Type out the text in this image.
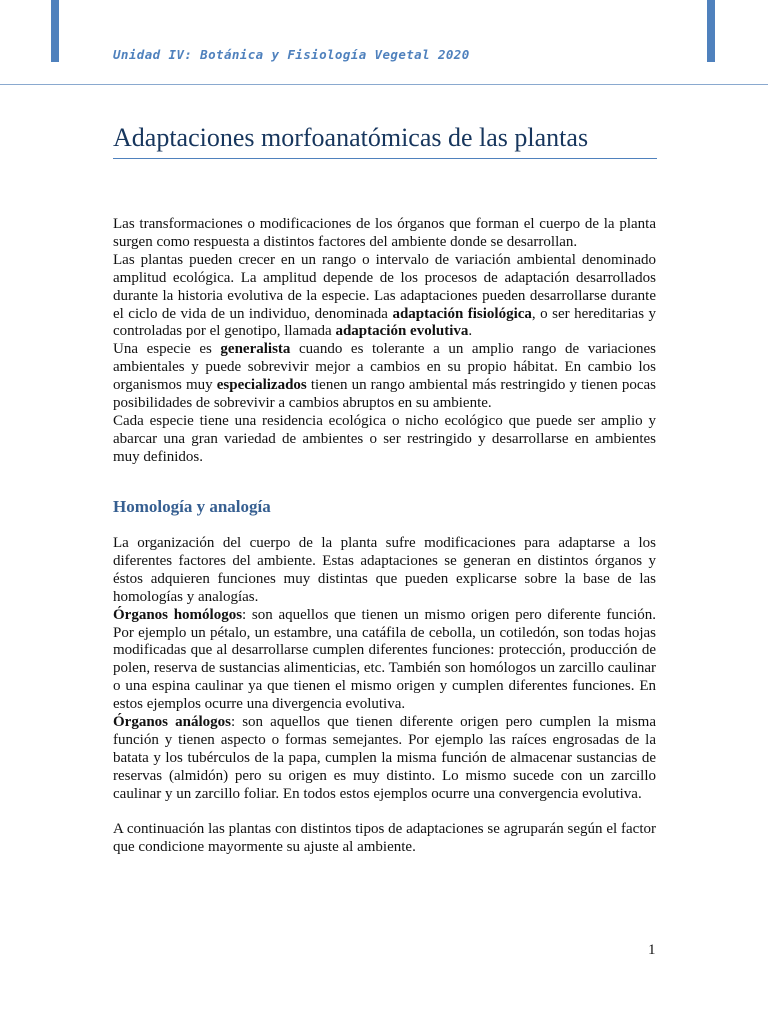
Unidad IV: Botánica y Fisiología Vegetal 2020
Adaptaciones morfoanatómicas de las plantas

Las transformaciones o modificaciones de los órganos que forman el cuerpo de la planta surgen como respuesta a distintos factores del ambiente donde se desarrollan.

Las plantas pueden crecer en un rango o intervalo de variación ambiental denominado amplitud ecológica. La amplitud depende de los procesos de adaptación desarrollados durante la historia evolutiva de la especie. Las adaptaciones pueden desarrollarse durante el ciclo de vida de un individuo, denominada adaptación fisiológica, o ser hereditarias y controladas por el genotipo, llamada adaptación evolutiva.

Una especie es generalista cuando es tolerante a un amplio rango de variaciones ambientales y puede sobrevivir mejor a cambios en su propio hábitat. En cambio los organismos muy especializados tienen un rango ambiental más restringido y tienen pocas posibilidades de sobrevivir a cambios abruptos en su ambiente.

Cada especie tiene una residencia ecológica o nicho ecológico que puede ser amplio y abarcar una gran variedad de ambientes o ser restringido y desarrollarse en ambientes muy definidos.

Homología y analogía

La organización del cuerpo de la planta sufre modificaciones para adaptarse a los diferentes factores del ambiente. Estas adaptaciones se generan en distintos órganos y éstos adquieren funciones muy distintas que pueden explicarse sobre la base de las homologías y analogías.

Órganos homólogos: son aquellos que tienen un mismo origen pero diferente función. Por ejemplo un pétalo, un estambre, una catáfila de cebolla, un cotiledón, son todas hojas modificadas que al desarrollarse cumplen diferentes funciones: protección, producción de polen, reserva de sustancias alimenticias, etc. También son homólogos un zarcillo caulinar o una espina caulinar ya que tienen el mismo origen y cumplen diferentes funciones. En estos ejemplos ocurre una divergencia evolutiva.

Órganos análogos: son aquellos que tienen diferente origen pero cumplen la misma función y tienen aspecto o formas semejantes. Por ejemplo las raíces engrosadas de la batata y los tubérculos de la papa, cumplen la misma función de almacenar sustancias de reservas (almidón) pero su origen es muy distinto. Lo mismo sucede con un zarcillo caulinar y un zarcillo foliar. En todos estos ejemplos ocurre una convergencia evolutiva.

A continuación las plantas con distintos tipos de adaptaciones se agruparán según el factor que condicione mayormente su ajuste al ambiente.

1
